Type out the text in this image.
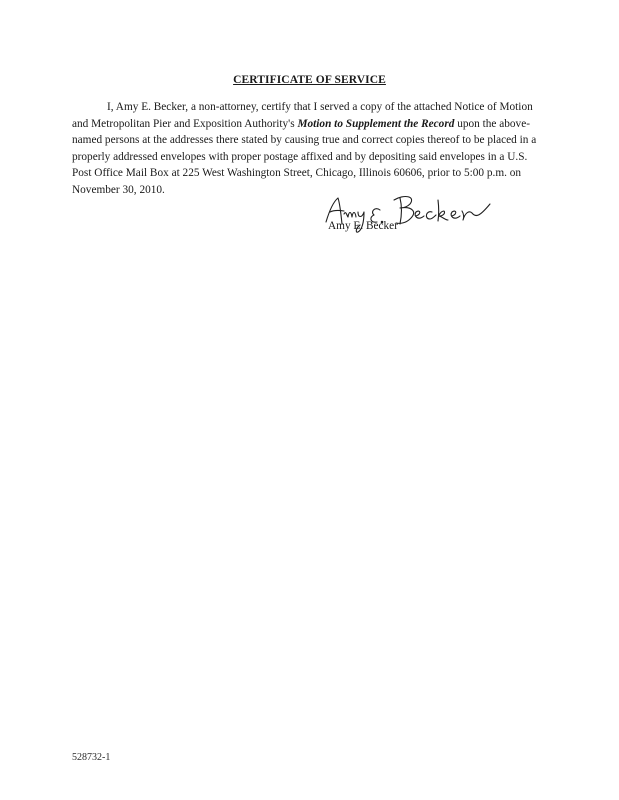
CERTIFICATE OF SERVICE

I, Amy E. Becker, a non-attorney, certify that I served a copy of the attached Notice of Motion and Metropolitan Pier and Exposition Authority's Motion to Supplement the Record upon the above-named persons at the addresses there stated by causing true and correct copies thereof to be placed in a properly addressed envelopes with proper postage affixed and by depositing said envelopes in a U.S. Post Office Mail Box at 225 West Washington Street, Chicago, Illinois 60606, prior to 5:00 p.m. on November 30, 2010.

Amy E. Becker
528732-1
